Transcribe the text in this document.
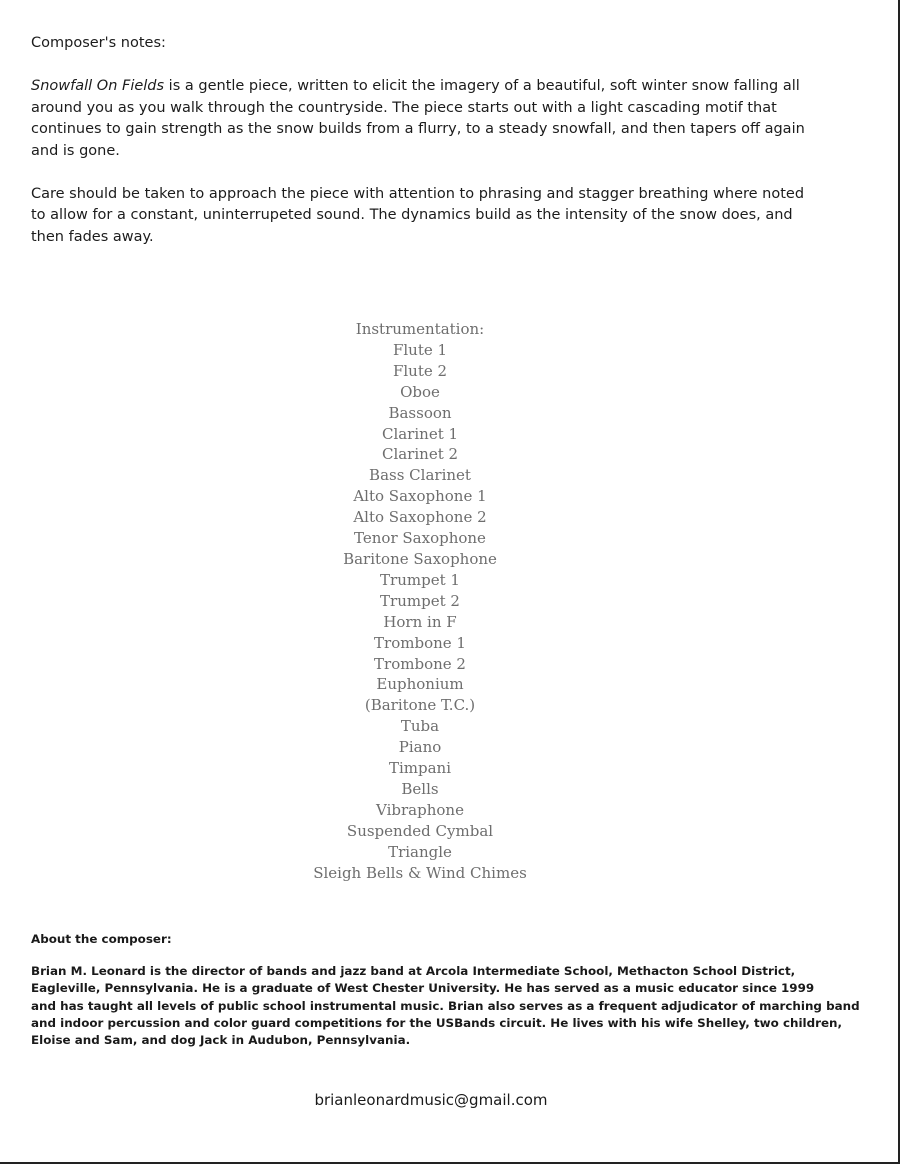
Composer's notes:

Snowfall On Fields is a gentle piece, written to elicit the imagery of a beautiful, soft winter snow falling all

around you as you walk through the countryside. The piece starts out with a light cascading motif that

continues to gain strength as the snow builds from a flurry, to a steady snowfall, and then tapers off again

and is gone.

Care should be taken to approach the piece with attention to phrasing and stagger breathing where noted

to allow for a constant, uninterrupeted sound. The dynamics build as the intensity of the snow does, and

then fades away.

Instrumentation:
Flute 1
Flute 2
Oboe
Bassoon
Clarinet 1
Clarinet 2
Bass Clarinet
Alto Saxophone 1
Alto Saxophone 2
Tenor Saxophone
Baritone Saxophone
Trumpet 1
Trumpet 2
Horn in F
Trombone 1
Trombone 2
Euphonium
(Baritone T.C.)
Tuba
Piano
Timpani
Bells
Vibraphone
Suspended Cymbal
Triangle
Sleigh Bells & Wind Chimes
About the composer:
Brian M. Leonard is the director of bands and jazz band at Arcola Intermediate School, Methacton School District,
Eagleville, Pennsylvania. He is a graduate of West Chester University. He has served as a music educator since 1999
and has taught all levels of public school instrumental music. Brian also serves as a frequent adjudicator of marching band
and indoor percussion and color guard competitions for the USBands circuit. He lives with his wife Shelley, two children,
Eloise and Sam, and dog Jack in Audubon, Pennsylvania.
brianleonardmusic@gmail.com
